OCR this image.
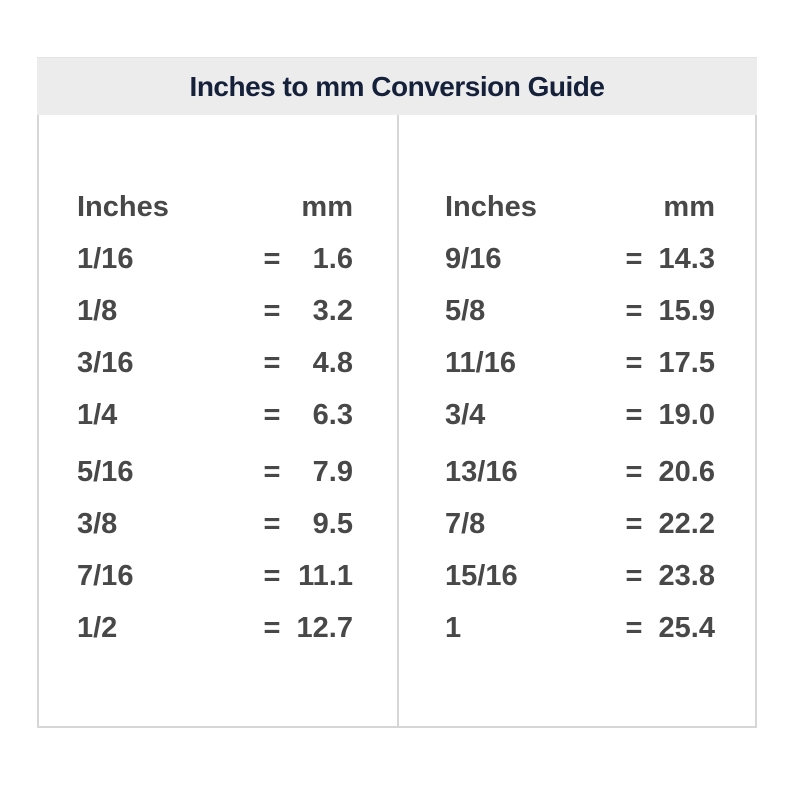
Inches to mm Conversion Guide
Inches	mm
1/16	=	1.6
1/8	=	3.2
3/16	=	4.8
1/4	=	6.3
5/16	=	7.9
3/8	=	9.5
7/16	= 11.1
1/2	= 12.7
Inches	mm
9/16	= 14.3
5/8	= 15.9
11/16	= 17.5
3/4	= 19.0
13/16	= 20.6
7/8	= 22.2
15/16	= 23.8
1	= 25.4
